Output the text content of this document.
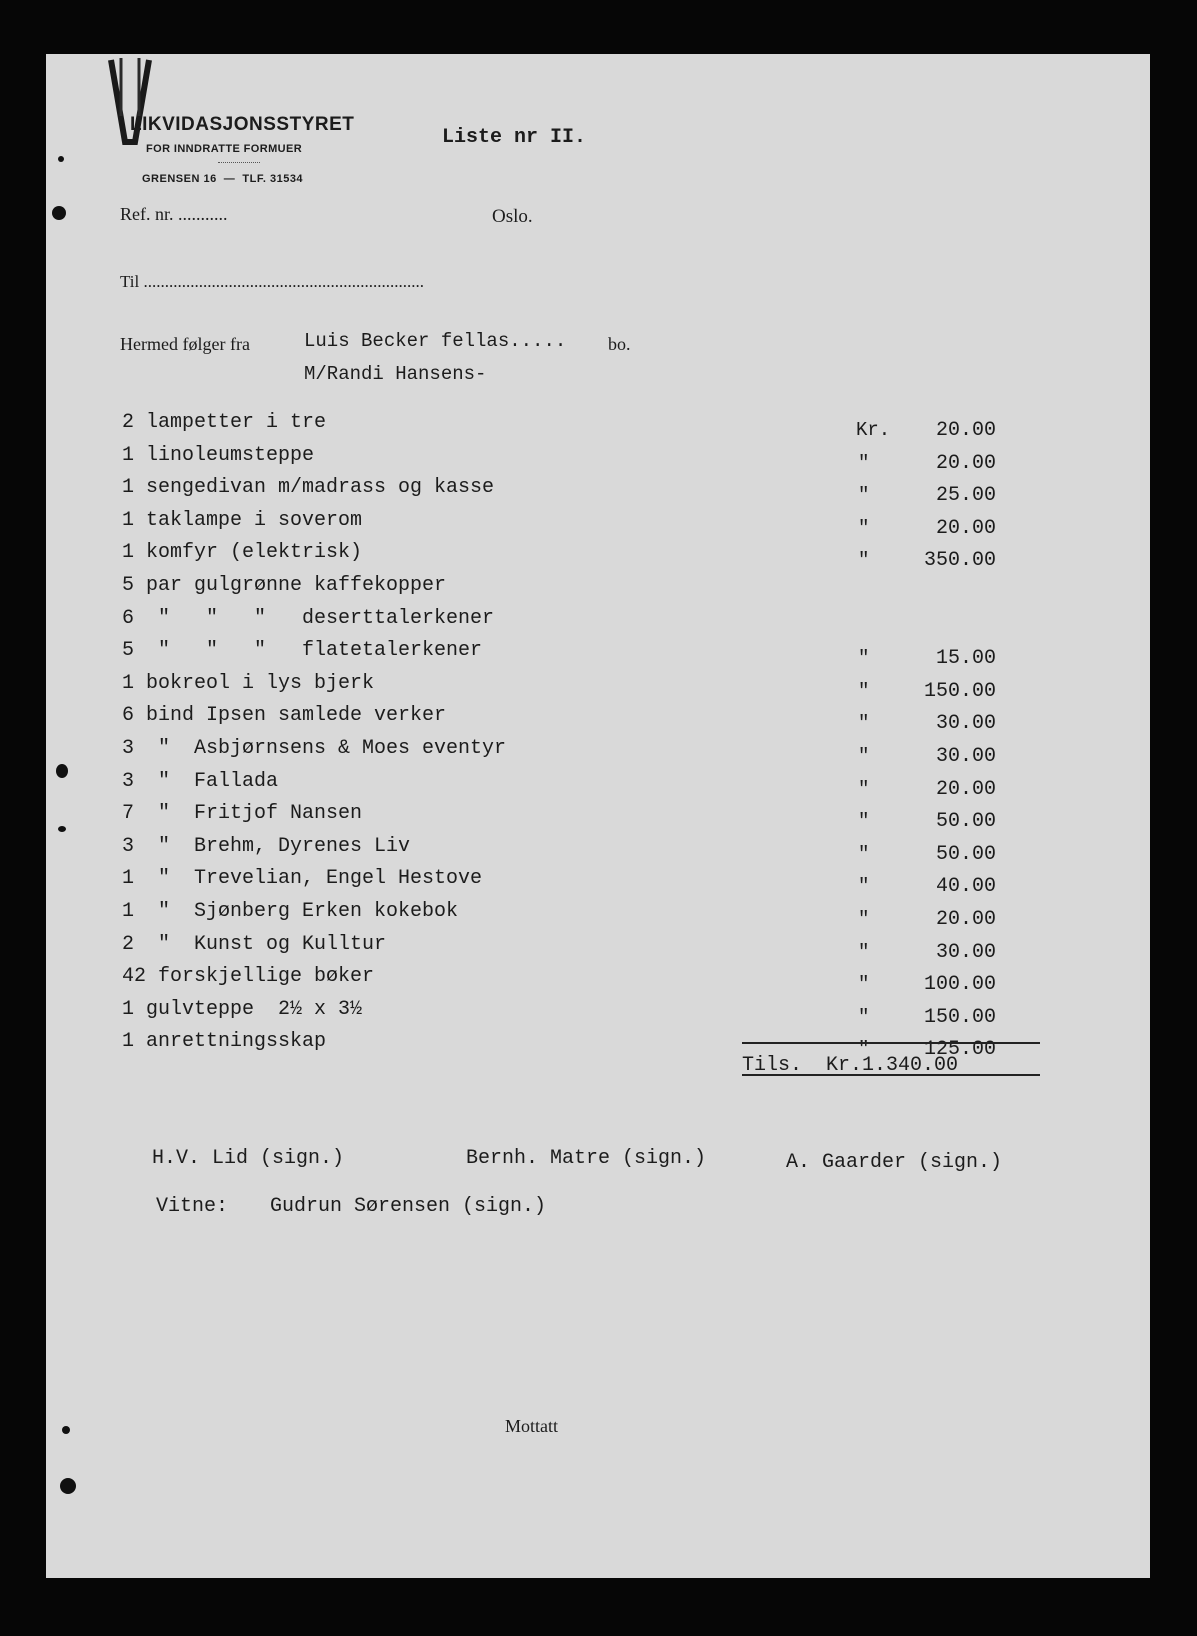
LIKVIDASJONSSTYRET
FOR INNDRATTE FORMUER
GRENSEN 16  —  TLF. 31534
Liste nr II.
Ref. nr. ...........	Oslo.
Til ..................................................................
Hermed følger fra	Luis Becker fellas..... bo.
M/Randi Hansens-
2 lampetter i tre	Kr.	20.00
1 linoleumsteppe	"	20.00
1 sengedivan m/madrass og kasse	"	25.00
1 taklampe i soverom	"	20.00
1 komfyr (elektrisk)	"	350.00
5 par gulgrønne kaffekopper
6  "   "   "   deserttalerkener
5  "   "   "   flatetalerkener	"	15.00
1 bokreol i lys bjerk	"	150.00
6 bind Ipsen samlede verker	"	30.00
3  "  Asbjørnsens & Moes eventyr	"	30.00
3  "  Fallada	"	20.00
7  "  Fritjof Nansen	"	50.00
3  "  Brehm, Dyrenes Liv	"	50.00
1  "  Trevelian, Engel Hestove	"	40.00
1  "  Sjønberg Erken kokebok	"	20.00
2  "  Kunst og Kulltur	"	30.00
42 forskjellige bøker	"	100.00
1 gulvteppe  2½ x 3½	"	150.00
1 anrettningsskap	"	125.00
Tils.  Kr.1.340.00
H.V. Lid (sign.)	Bernh. Matre (sign.)	A. Gaarder (sign.)
Vitne: Gudrun Sørensen (sign.)
Mottatt
